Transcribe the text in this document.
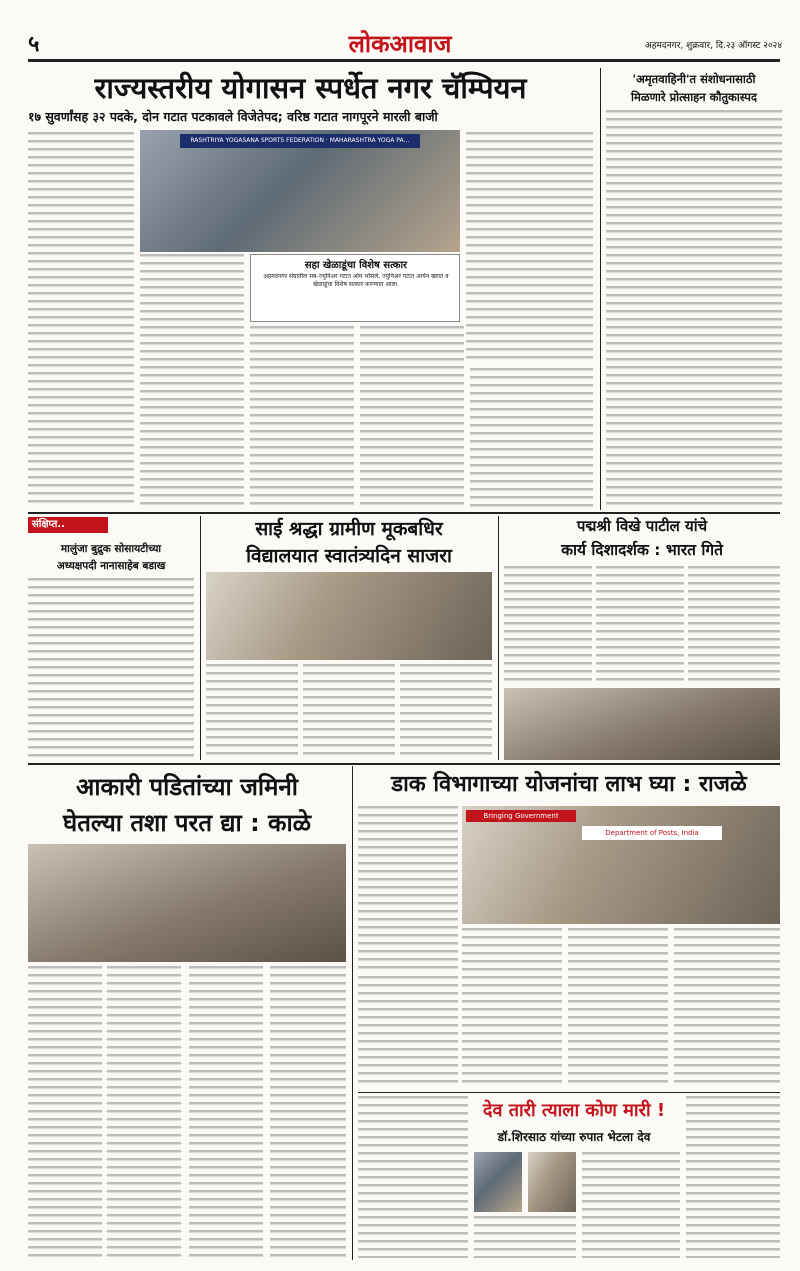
५	लोकआवाज	अहमदनगर, शुक्रवार, दि.२३ ऑगस्ट २०२४
राज्यस्तरीय योगासन स्पर्धेत नगर चॅम्पियन
१७ सुवर्णांसह ३२ पदके, दोन गटात पटकावले विजेतेपद; वरिष्ठ गटात नागपूरने मारली बाजी
RASHTRIYA YOGASANA SPORTS FEDERATION · MAHARASHTRA YOGA PA…
सहा खेळाडूंचा विशेष सत्कार
अहमदनगर संघातील सब-ज्युनिअर गटात ओम भोंसले, ज्युनिअर गटात आर्यन खरात व खेळाडूंचा विशेष सत्कार करण्यात आला.
'अमृतवाहिनी'त संशोधनासाठी
मिळणारे प्रोत्साहन कौतुकास्पद
संक्षिप्त..
मालुंजा बुद्रुक सोसायटीच्या
अध्यक्षपदी नानासाहेब बडाख
साई श्रद्धा ग्रामीण मूकबधिर
विद्यालयात स्वातंत्र्यदिन साजरा
पद्मश्री विखे पाटील यांचे
कार्य दिशादर्शक : भारत गिते
आकारी पडितांच्या जमिनी
घेतल्या तशा परत द्या : काळे
डाक विभागाच्या योजनांचा लाभ घ्या : राजळे
Bringing Government
Department of Posts, India
देव तारी त्याला कोण मारी !
डॉ.शिरसाठ यांच्या रुपात भेटला देव
